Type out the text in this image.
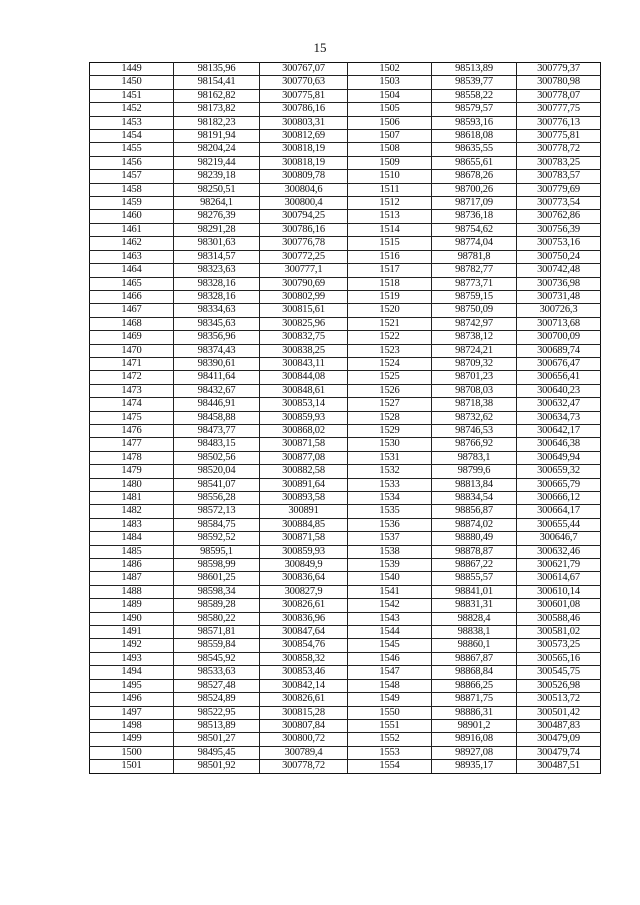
15
1449	98135,96	300767,07	1502	98513,89	300779,37
1450	98154,41	300770,63	1503	98539,77	300780,98
1451	98162,82	300775,81	1504	98558,22	300778,07
1452	98173,82	300786,16	1505	98579,57	300777,75
1453	98182,23	300803,31	1506	98593,16	300776,13
1454	98191,94	300812,69	1507	98618,08	300775,81
1455	98204,24	300818,19	1508	98635,55	300778,72
1456	98219,44	300818,19	1509	98655,61	300783,25
1457	98239,18	300809,78	1510	98678,26	300783,57
1458	98250,51	300804,6	1511	98700,26	300779,69
1459	98264,1	300800,4	1512	98717,09	300773,54
1460	98276,39	300794,25	1513	98736,18	300762,86
1461	98291,28	300786,16	1514	98754,62	300756,39
1462	98301,63	300776,78	1515	98774,04	300753,16
1463	98314,57	300772,25	1516	98781,8	300750,24
1464	98323,63	300777,1	1517	98782,77	300742,48
1465	98328,16	300790,69	1518	98773,71	300736,98
1466	98328,16	300802,99	1519	98759,15	300731,48
1467	98334,63	300815,61	1520	98750,09	300726,3
1468	98345,63	300825,96	1521	98742,97	300713,68
1469	98356,96	300832,75	1522	98738,12	300700,09
1470	98374,43	300838,25	1523	98724,21	300689,74
1471	98390,61	300843,11	1524	98709,32	300676,47
1472	98411,64	300844,08	1525	98701,23	300656,41
1473	98432,67	300848,61	1526	98708,03	300640,23
1474	98446,91	300853,14	1527	98718,38	300632,47
1475	98458,88	300859,93	1528	98732,62	300634,73
1476	98473,77	300868,02	1529	98746,53	300642,17
1477	98483,15	300871,58	1530	98766,92	300646,38
1478	98502,56	300877,08	1531	98783,1	300649,94
1479	98520,04	300882,58	1532	98799,6	300659,32
1480	98541,07	300891,64	1533	98813,84	300665,79
1481	98556,28	300893,58	1534	98834,54	300666,12
1482	98572,13	300891	1535	98856,87	300664,17
1483	98584,75	300884,85	1536	98874,02	300655,44
1484	98592,52	300871,58	1537	98880,49	300646,7
1485	98595,1	300859,93	1538	98878,87	300632,46
1486	98598,99	300849,9	1539	98867,22	300621,79
1487	98601,25	300836,64	1540	98855,57	300614,67
1488	98598,34	300827,9	1541	98841,01	300610,14
1489	98589,28	300826,61	1542	98831,31	300601,08
1490	98580,22	300836,96	1543	98828,4	300588,46
1491	98571,81	300847,64	1544	98838,1	300581,02
1492	98559,84	300854,76	1545	98860,1	300573,25
1493	98545,92	300858,32	1546	98867,87	300565,16
1494	98533,63	300853,46	1547	98868,84	300545,75
1495	98527,48	300842,14	1548	98866,25	300526,98
1496	98524,89	300826,61	1549	98871,75	300513,72
1497	98522,95	300815,28	1550	98886,31	300501,42
1498	98513,89	300807,84	1551	98901,2	300487,83
1499	98501,27	300800,72	1552	98916,08	300479,09
1500	98495,45	300789,4	1553	98927,08	300479,74
1501	98501,92	300778,72	1554	98935,17	300487,51
